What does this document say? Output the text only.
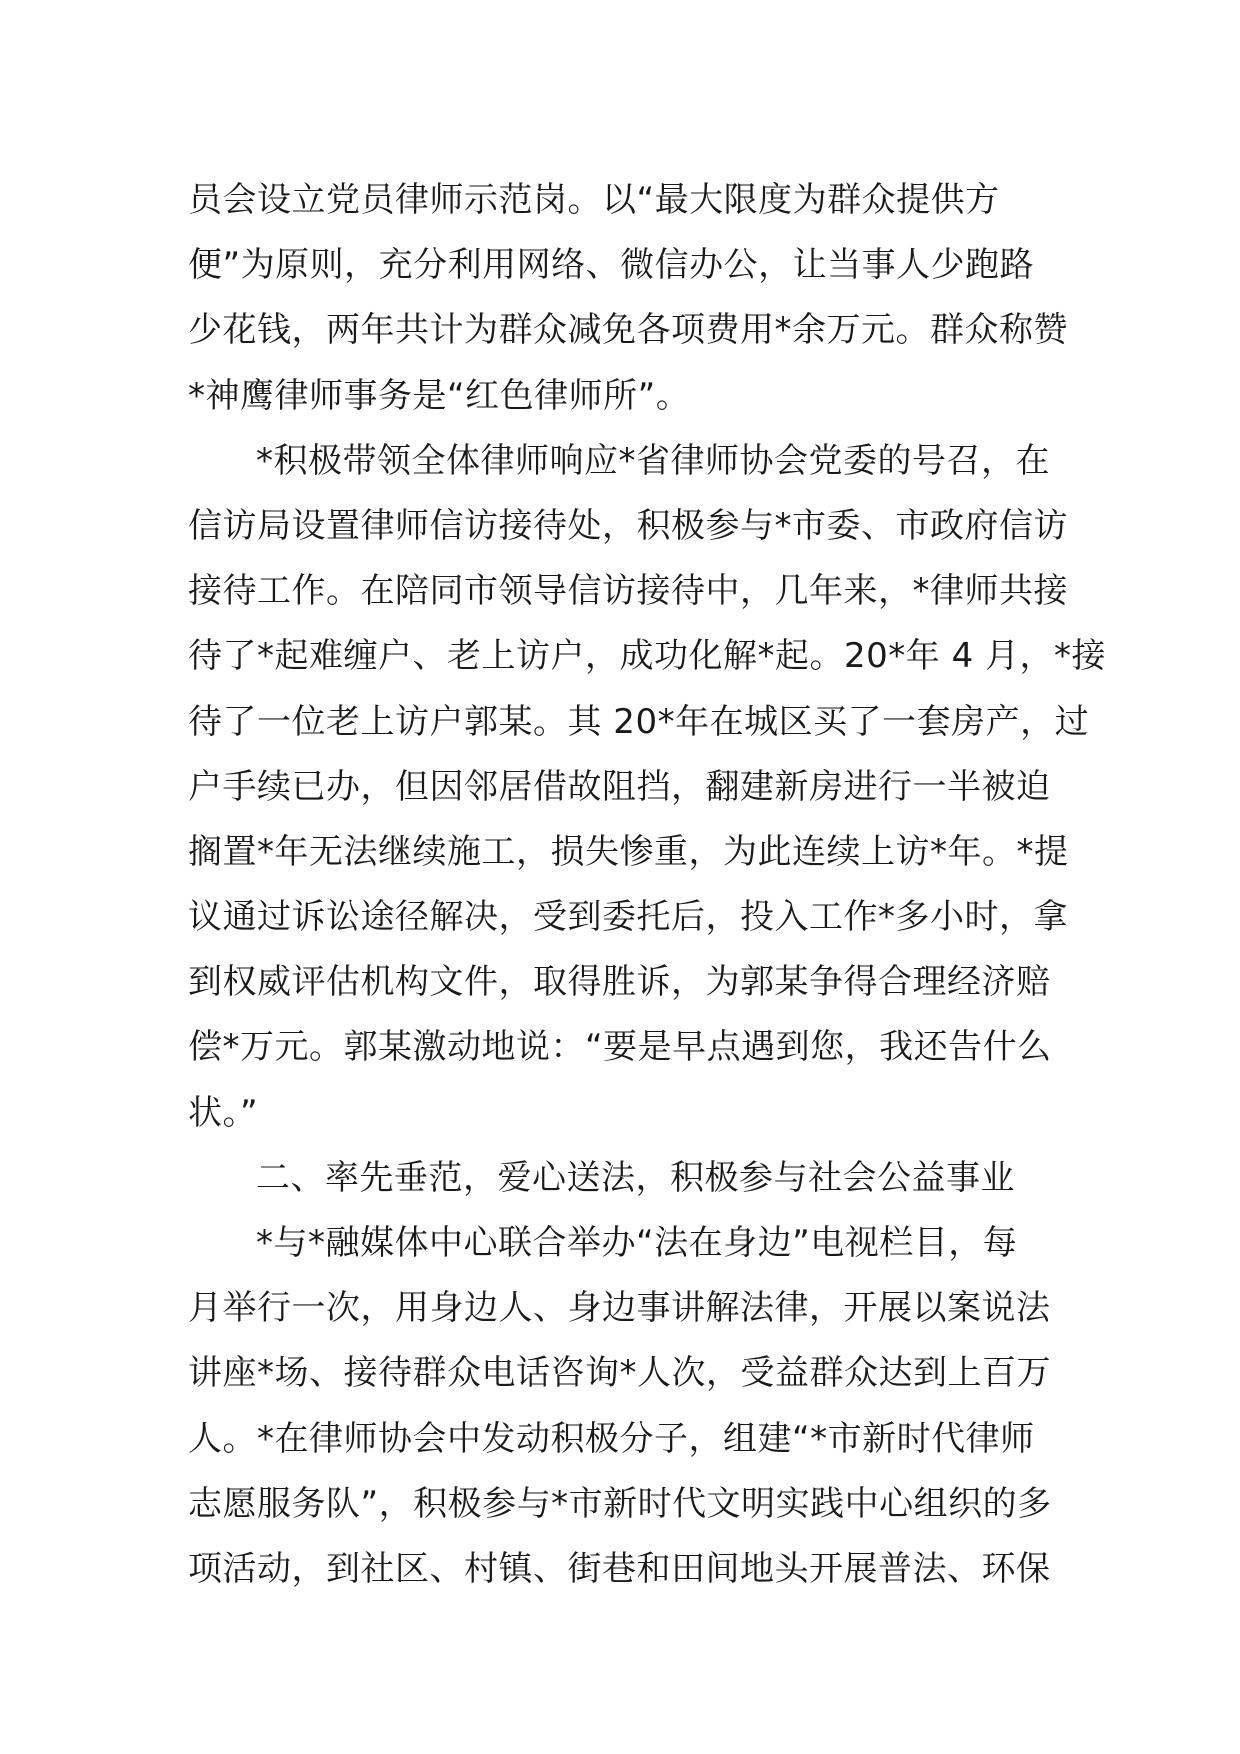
员会设立党员律师示范岗。以“最大限度为群众提供方
便”为原则，充分利用网络、微信办公，让当事人少跑路
少花钱，两年共计为群众减免各项费用*余万元。群众称赞
*神鹰律师事务是“红色律师所”。
*积极带领全体律师响应*省律师协会党委的号召，在
信访局设置律师信访接待处，积极参与*市委、市政府信访
接待工作。在陪同市领导信访接待中，几年来，*律师共接
待了*起难缠户、老上访户，成功化解*起。20*年 4 月，*接
待了一位老上访户郭某。其 20*年在城区买了一套房产，过
户手续已办，但因邻居借故阻挡，翻建新房进行一半被迫
搁置*年无法继续施工，损失惨重，为此连续上访*年。*提
议通过诉讼途径解决，受到委托后，投入工作*多小时，拿
到权威评估机构文件，取得胜诉，为郭某争得合理经济赔
偿*万元。郭某激动地说：“要是早点遇到您，我还告什么
状。”
二、率先垂范，爱心送法，积极参与社会公益事业
*与*融媒体中心联合举办“法在身边”电视栏目，每
月举行一次，用身边人、身边事讲解法律，开展以案说法
讲座*场、接待群众电话咨询*人次，受益群众达到上百万
人。*在律师协会中发动积极分子，组建“*市新时代律师
志愿服务队”，积极参与*市新时代文明实践中心组织的多
项活动，到社区、村镇、街巷和田间地头开展普法、环保
